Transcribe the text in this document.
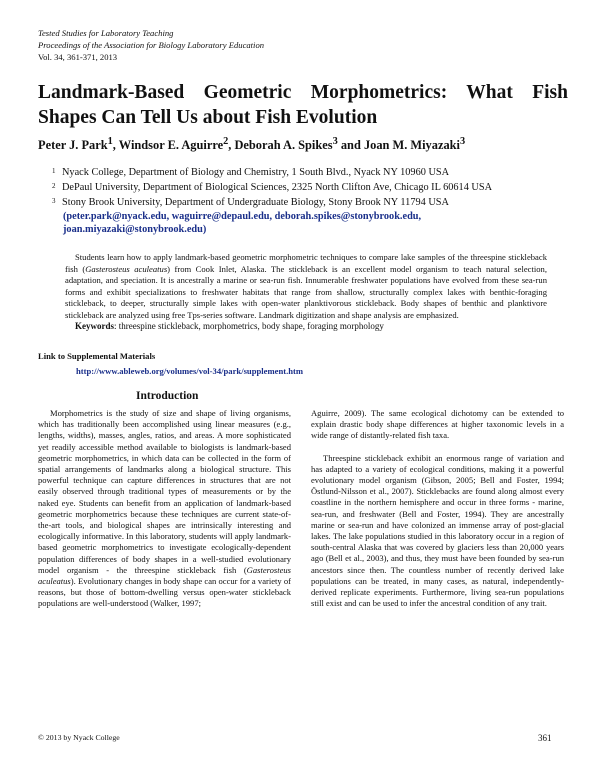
Tested Studies for Laboratory Teaching
Proceedings of the Association for Biology Laboratory Education
Vol. 34, 361-371, 2013
Landmark-Based Geometric Morphometrics: What Fish Shapes Can Tell Us about Fish Evolution
Peter J. Park$^1$, Windsor E. Aguirre$^2$, Deborah A. Spikes$^3$ and Joan M. Miyazaki$^3$
1 Nyack College, Department of Biology and Chemistry, 1 South Blvd., Nyack NY 10960 USA
2 DePaul University, Department of Biological Sciences, 2325 North Clifton Ave, Chicago IL 60614 USA
3 Stony Brook University, Department of Undergraduate Biology, Stony Brook NY 11794 USA
(peter.park@nyack.edu, waguirre@depaul.edu, deborah.spikes@stonybrook.edu,
joan.miyazaki@stonybrook.edu)
Students learn how to apply landmark-based geometric morphometric techniques to compare lake samples of the threespine stickleback fish (Gasterosteus aculeatus) from Cook Inlet, Alaska. The stickleback is an excellent model organism to teach natural selection, adaptation, and speciation. It is ancestrally a marine or sea-run fish. Innumerable freshwater populations have evolved from these sea-run forms and exhibit specializations to freshwater habitats that range from shallow, structurally complex lakes with benthic-foraging stickleback, to deeper, structurally simple lakes with open-water planktivorous stickleback. Body shapes of benthic and planktivore stickleback are analyzed using free Tps-series software. Landmark digitization and shape analysis are emphasized.
Keywords: threespine stickleback, morphometrics, body shape, foraging morphology
Link to Supplemental Materials
http://www.ableweb.org/volumes/vol-34/park/supplement.htm
Introduction

Morphometrics is the study of size and shape of living organisms, which has traditionally been accomplished using linear measures (e.g., lengths, widths), masses, angles, ratios, and areas. A more sophisticated yet readily accessible method available to biologists is landmark-based geometric morphometrics, in which data can be collected in the form of spatial arrangements of landmarks along a biological structure. This powerful technique can capture differences in structures that are not easily observed through traditional types of measurements or by the naked eye. Students can benefit from an application of landmark-based geometric morphometrics because these techniques are current state-of-the-art tools, and biological shapes are intrinsically interesting and ecologically informative. In this laboratory, students will apply landmark-based geometric morphometrics to investigate ecologically-dependent population differences of body shapes in a well-studied evolutionary model organism - the threespine stickleback fish (Gasterosteus aculeatus). Evolutionary changes in body shape can occur for a variety of reasons, but those of bottom-dwelling versus open-water stickleback populations are well-understood (Walker, 1997;

Aguirre, 2009). The same ecological dichotomy can be extended to explain drastic body shape differences at higher taxonomic levels in a wide range of distantly-related fish taxa.

Threespine stickleback exhibit an enormous range of variation and has adapted to a variety of ecological conditions, making it a powerful evolutionary model organism (Gibson, 2005; Bell and Foster, 1994; Östlund-Nilsson et al., 2007). Sticklebacks are found along almost every coastline in the northern hemisphere and occur in three forms - marine, sea-run, and freshwater (Bell and Foster, 1994). They are ancestrally marine or sea-run and have colonized an immense array of post-glacial lakes. The lake populations studied in this laboratory occur in a region of south-central Alaska that was covered by glaciers less than 20,000 years ago (Bell et al., 2003), and thus, they must have been founded by sea-run ancestors since then. The countless number of recently derived lake populations can be treated, in many cases, as natural, independently-derived replicate experiments. Furthermore, living sea-run populations still exist and can be used to infer the ancestral condition of any trait.

© 2013 by Nyack College	361
